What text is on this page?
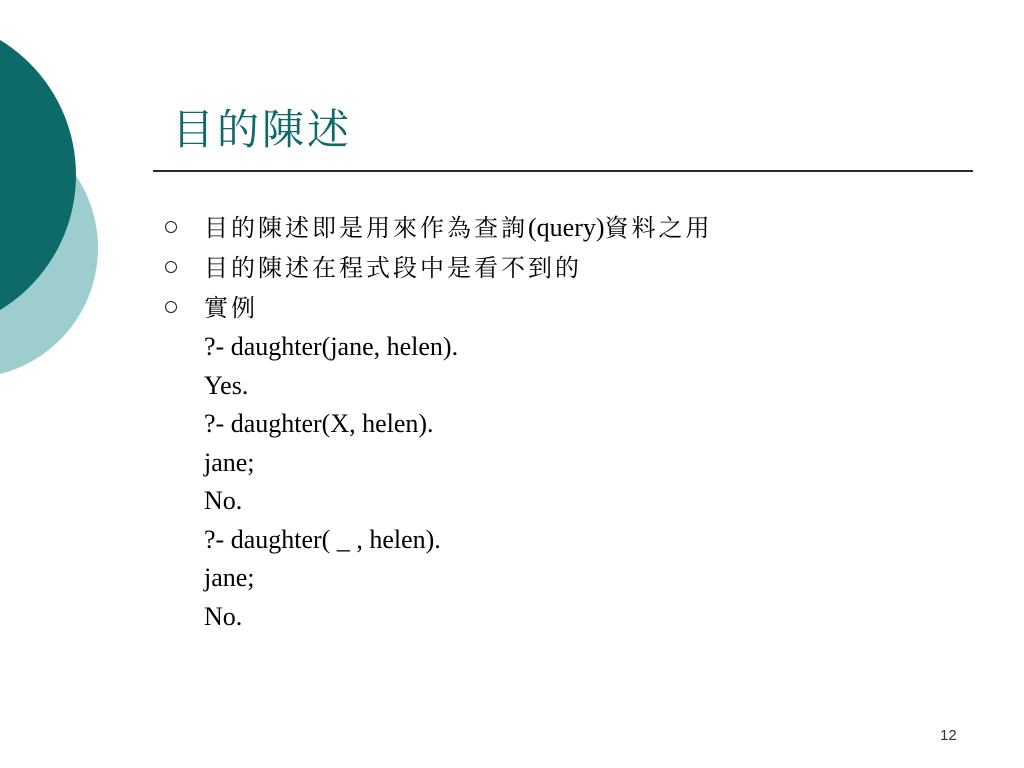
目的陳述
目的陳述即是用來作為查詢(query)資料之用
目的陳述在程式段中是看不到的
實例
?- daughter(jane, helen).
Yes.
?- daughter(X, helen).
jane;
No.
?- daughter( _ , helen).
jane;
No.
12
